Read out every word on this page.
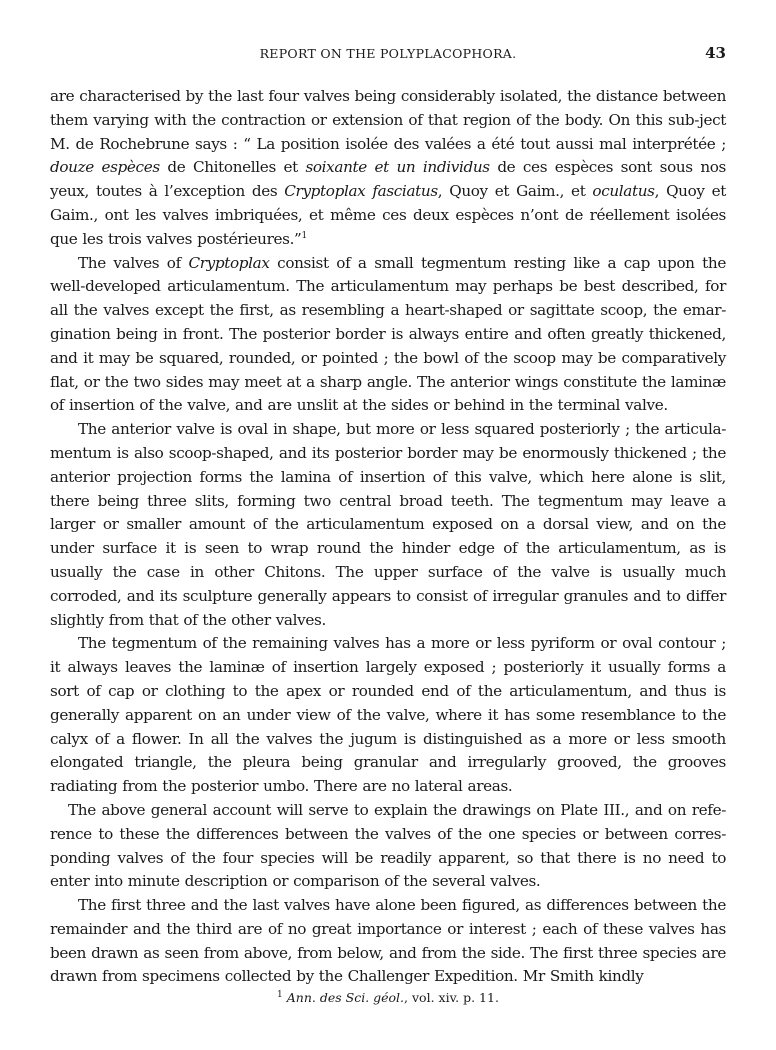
REPORT ON THE POLYPLACOPHORA.	43

are characterised by the last four valves being considerably isolated, the distance between them varying with the contraction or extension of that region of the body. On this sub-ject M. de Rochebrune says : “ La position isolée des valées a été tout aussi mal interprétée ; douze espèces de Chitonelles et soixante et un individus de ces espèces sont sous nos yeux, toutes à l’exception des Cryptoplax fasciatus, Quoy et Gaim., et oculatus, Quoy et Gaim., ont les valves imbriquées, et même ces deux espèces n’ont de réellement isolées que les trois valves postérieures.”$^1$

The valves of Cryptoplax consist of a small tegmentum resting like a cap upon the well-developed articulamentum. The articulamentum may perhaps be best described, for all the valves except the first, as resembling a heart-shaped or sagittate scoop, the emar-gination being in front. The posterior border is always entire and often greatly thickened, and it may be squared, rounded, or pointed ; the bowl of the scoop may be comparatively flat, or the two sides may meet at a sharp angle. The anterior wings constitute the laminæ of insertion of the valve, and are unslit at the sides or behind in the terminal valve.

The anterior valve is oval in shape, but more or less squared posteriorly ; the articula-mentum is also scoop-shaped, and its posterior border may be enormously thickened ; the anterior projection forms the lamina of insertion of this valve, which here alone is slit, there being three slits, forming two central broad teeth. The tegmentum may leave a larger or smaller amount of the articulamentum exposed on a dorsal view, and on the under surface it is seen to wrap round the hinder edge of the articulamentum, as is usually the case in other Chitons. The upper surface of the valve is usually much corroded, and its sculpture generally appears to consist of irregular granules and to differ slightly from that of the other valves.

The tegmentum of the remaining valves has a more or less pyriform or oval contour ; it always leaves the laminæ of insertion largely exposed ; posteriorly it usually forms a sort of cap or clothing to the apex or rounded end of the articulamentum, and thus is generally apparent on an under view of the valve, where it has some resemblance to the calyx of a flower. In all the valves the jugum is distinguished as a more or less smooth elongated triangle, the pleura being granular and irregularly grooved, the grooves radiating from the posterior umbo. There are no lateral areas.

The above general account will serve to explain the drawings on Plate III., and on refe-rence to these the differences between the valves of the one species or between corres-ponding valves of the four species will be readily apparent, so that there is no need to enter into minute description or comparison of the several valves.

The first three and the last valves have alone been figured, as differences between the remainder and the third are of no great importance or interest ; each of these valves has been drawn as seen from above, from below, and from the side. The first three species are drawn from specimens collected by the Challenger Expedition. Mr Smith kindly

$^1$ Ann. des Sci. géol., vol. xiv. p. 11.
